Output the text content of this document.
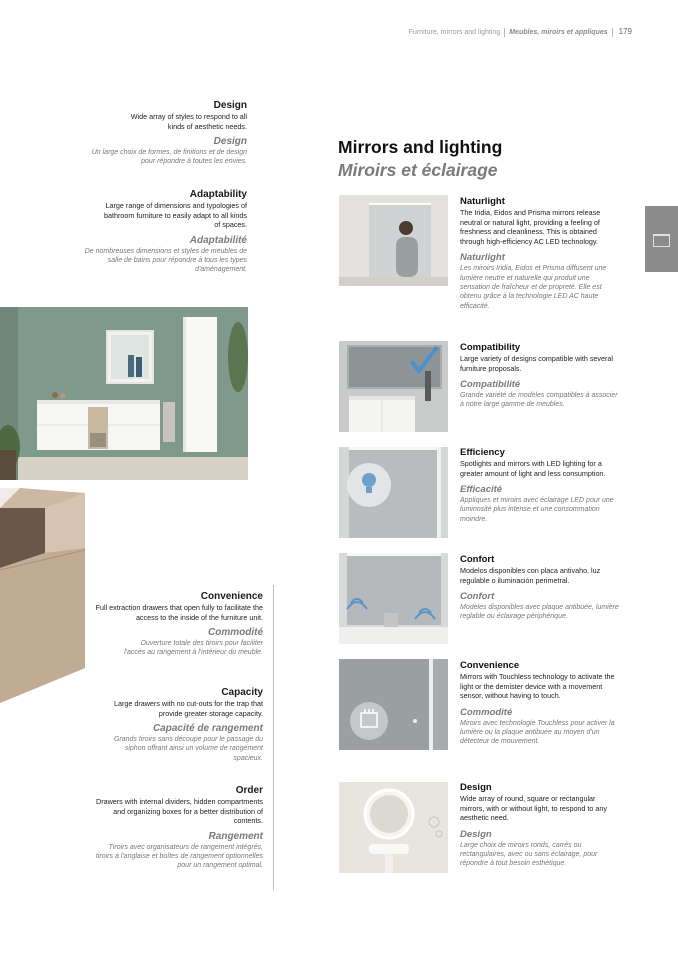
Furniture, mirrors and lighting Meubles, miroirs et appliques 179
Design

Wide array of styles to respond to all kinds of aesthetic needs.

Design

Un large choix de formes, de finitions et de design pour répondre à toutes les envies.

Adaptability

Large range of dimensions and typologies of bathroom furniture to easily adapt to all kinds of spaces.

Adaptabilité

De nombreuses dimensions et styles de meubles de salle de bains pour répondre à tous les types d'aménagement.

Convenience

Full extraction drawers that open fully to facilitate the access to the inside of the furniture unit.

Commodité

Ouverture totale des tiroirs pour faciliter l'accès au rangement à l'intérieur du meuble.

Capacity

Large drawers with no cut-outs for the trap that provide greater storage capacity.

Capacité de rangement

Grands tiroirs sans découpe pour le passage du siphon offrant ainsi un volume de rangement spacieux.

Order

Drawers with internal dividers, hidden compartments and organizing boxes for a better distribution of contents.

Rangement

Tiroirs avec organisateurs de rangement intégrés, tiroirs à l'anglaise et boîtes de rangement optionnelles pour un rangement optimal.

Mirrors and lighting
Miroirs et éclairage
Naturlight

The Iridia, Eidos and Prisma mirrors release neutral or natural light, providing a feeling of freshness and cleanliness. This is obtained through high-efficiency AC LED technology.

Naturlight

Les miroirs Iridia, Eidos et Prisma diffusent une lumière neutre et naturelle qui produit une sensation de fraîcheur et de propreté. Elle est obtenu grâce à la technologie LED AC haute efficacité.

Compatibility

Large variety of designs compatible with several furniture proposals.

Compatibilité

Grande variété de modèles compatibles à associer à notre large gamme de meubles.

Efficiency

Spotlights and mirrors with LED lighting for a greater amount of light and less consumption.

Efficacité

Appliques et miroirs avec éclairage LED pour une luminosité plus intense et une consommation moindre.

Confort

Modelos disponibles con placa antivaho, luz regulable o iluminación perimetral.

Confort

Modèles disponibles avec plaque antibuée, lumière reglable ou éclairage périphérique.

Convenience

Mirrors with Touchless technology to activate the light or the demister device with a movement sensor, without having to touch.

Commodité

Miroirs avec technologie Touchless pour activer la lumière ou la plaque antibuée au moyen d'un détecteur de mouvement.

Design

Wide array of round, square or rectangular mirrors, with or without light, to respond to any aesthetic need.

Design

Large choix de miroirs ronds, carrés ou rectangulaires, avec ou sans éclairage, pour répondre à tout besoin esthétique.
